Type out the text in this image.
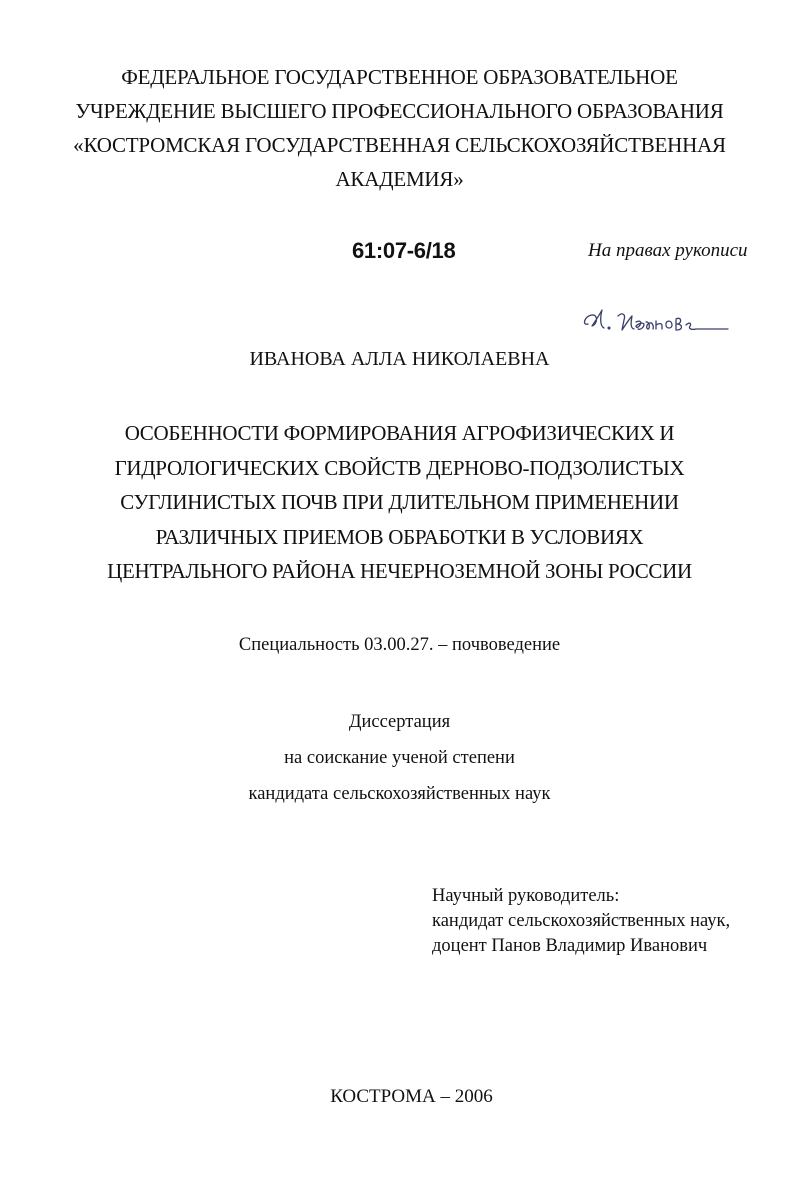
ФЕДЕРАЛЬНОЕ ГОСУДАРСТВЕННОЕ ОБРАЗОВАТЕЛЬНОЕ
УЧРЕЖДЕНИЕ ВЫСШЕГО ПРОФЕССИОНАЛЬНОГО ОБРАЗОВАНИЯ
«КОСТРОМСКАЯ ГОСУДАРСТВЕННАЯ СЕЛЬСКОХОЗЯЙСТВЕННАЯ
АКАДЕМИЯ»
61:07-6/18	На правах рукописи
ИВАНОВА АЛЛА НИКОЛАЕВНА
ОСОБЕННОСТИ ФОРМИРОВАНИЯ АГРОФИЗИЧЕСКИХ И
ГИДРОЛОГИЧЕСКИХ СВОЙСТВ ДЕРНОВО-ПОДЗОЛИСТЫХ
СУГЛИНИСТЫХ ПОЧВ ПРИ ДЛИТЕЛЬНОМ ПРИМЕНЕНИИ
РАЗЛИЧНЫХ ПРИЕМОВ ОБРАБОТКИ В УСЛОВИЯХ
ЦЕНТРАЛЬНОГО РАЙОНА НЕЧЕРНОЗЕМНОЙ ЗОНЫ РОССИИ
Специальность 03.00.27. – почвоведение
Диссертация
на соискание ученой степени
кандидата сельскохозяйственных наук
Научный руководитель:
кандидат сельскохозяйственных наук,
доцент Панов Владимир Иванович
КОСТРОМА – 2006
